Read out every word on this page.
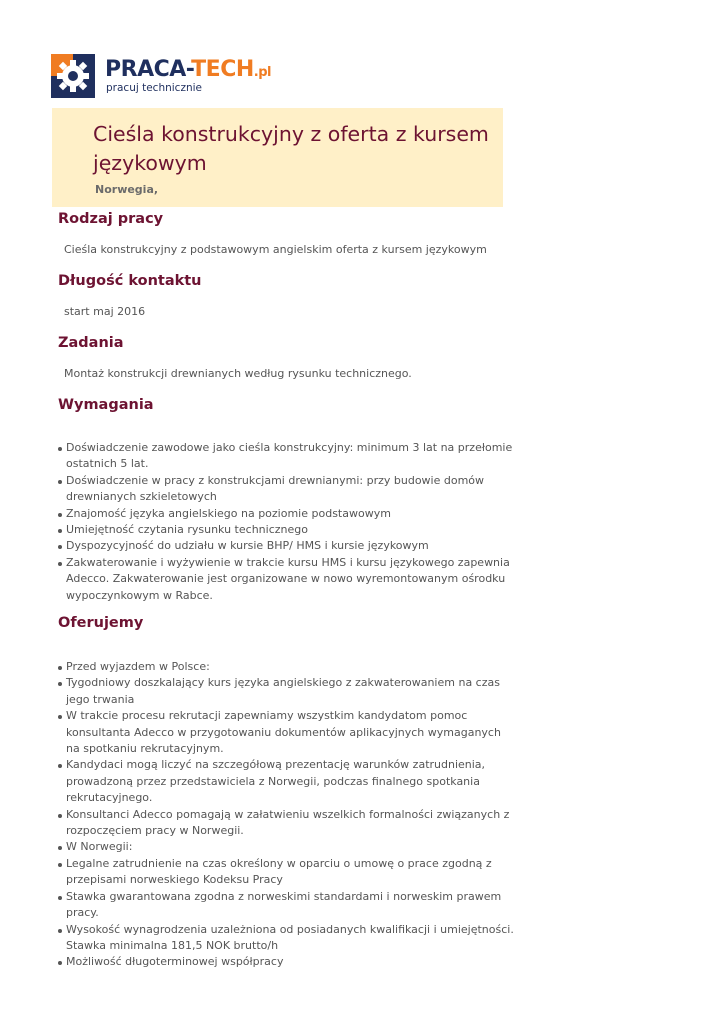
PRACA-TECH.pl
pracuj technicznie
Cieśla konstrukcyjny z oferta z kursem językowym
Norwegia,
Rodzaj pracy

Cieśla konstrukcyjny z podstawowym angielskim oferta z kursem językowym

Długość kontaktu

start maj 2016

Zadania

Montaż konstrukcji drewnianych według rysunku technicznego.

Wymagania
Doświadczenie zawodowe jako cieśla konstrukcyjny: minimum 3 lat na przełomie ostatnich 5 lat.
Doświadczenie w pracy z konstrukcjami drewnianymi: przy budowie domów drewnianych szkieletowych
Znajomość języka angielskiego na poziomie podstawowym
Umiejętność czytania rysunku technicznego
Dyspozycyjność do udziału w kursie BHP/ HMS i kursie językowym
Zakwaterowanie i wyżywienie w trakcie kursu HMS i kursu językowego zapewnia Adecco. Zakwaterowanie jest organizowane w nowo wyremontowanym ośrodku wypoczynkowym w Rabce.
Oferujemy
Przed wyjazdem w Polsce:
Tygodniowy doszkalający kurs języka angielskiego z zakwaterowaniem na czas jego trwania
W trakcie procesu rekrutacji zapewniamy wszystkim kandydatom pomoc konsultanta Adecco w przygotowaniu dokumentów aplikacyjnych wymaganych na spotkaniu rekrutacyjnym.
Kandydaci mogą liczyć na szczegółową prezentację warunków zatrudnienia, prowadzoną przez przedstawiciela z Norwegii, podczas finalnego spotkania rekrutacyjnego.
Konsultanci Adecco pomagają w załatwieniu wszelkich formalności związanych z rozpoczęciem pracy w Norwegii.
W Norwegii:
Legalne zatrudnienie na czas określony w oparciu o umowę o prace zgodną z przepisami norweskiego Kodeksu Pracy
Stawka gwarantowana zgodna z norweskimi standardami i norweskim prawem pracy.
Wysokość wynagrodzenia uzależniona od posiadanych kwalifikacji i umiejętności. Stawka minimalna 181,5 NOK brutto/h
Możliwość długoterminowej współpracy
